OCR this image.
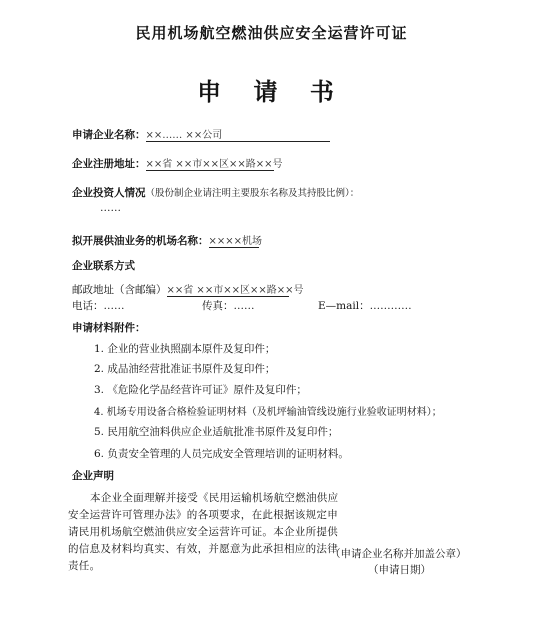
民用机场航空燃油供应安全运营许可证
申 请 书
申请企业名称：××…… ××公司
企业注册地址：××省 ××市××区××路××号
企业投资人情况（股份制企业请注明主要股东名称及其持股比例）：
……
拟开展供油业务的机场名称：××××机场
企业联系方式
邮政地址（含邮编）××省 ××市××区××路××号
电话：……	传真：……	E—mail：…………
申请材料附件：
1. 企业的营业执照副本原件及复印件；
2. 成品油经营批准证书原件及复印件；
3. 《危险化学品经营许可证》原件及复印件；
4. 机场专用设备合格检验证明材料（及机坪输油管线设施行业验收证明材料）；
5. 民用航空油料供应企业适航批准书原件及复印件；
6. 负责安全管理的人员完成安全管理培训的证明材料。
企业声明
本企业全面理解并接受《民用运输机场航空燃油供应安全运营许可管理办法》的各项要求，在此根据该规定申请民用机场航空燃油供应安全运营许可证。本企业所提供的信息及材料均真实、有效，并愿意为此承担相应的法律责任。
（申请企业名称并加盖公章）
（申请日期）
